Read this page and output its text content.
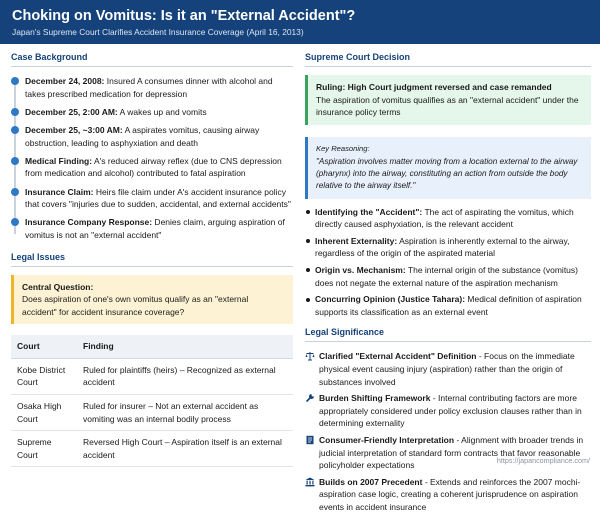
Choking on Vomitus: Is it an "External Accident"?
Japan's Supreme Court Clarifies Accident Insurance Coverage (April 16, 2013)
Case Background
December 24, 2008: Insured A consumes dinner with alcohol and takes prescribed medication for depression
December 25, 2:00 AM: A wakes up and vomits
December 25, ~3:00 AM: A aspirates vomitus, causing airway obstruction, leading to asphyxiation and death
Medical Finding: A's reduced airway reflex (due to CNS depression from medication and alcohol) contributed to fatal aspiration
Insurance Claim: Heirs file claim under A's accident insurance policy that covers "injuries due to sudden, accidental, and external accidents"
Insurance Company Response: Denies claim, arguing aspiration of vomitus is not an "external accident"
Legal Issues
Central Question:
Does aspiration of one's own vomitus qualify as an "external accident" for accident insurance coverage?
Court	Finding
Kobe District Court	Ruled for plaintiffs (heirs) – Recognized as external accident
Osaka High Court	Ruled for insurer – Not an external accident as vomiting was an internal bodily process
Supreme Court	Reversed High Court – Aspiration itself is an external accident
Supreme Court Decision
Ruling: High Court judgment reversed and case remanded
The aspiration of vomitus qualifies as an "external accident" under the insurance policy terms
Key Reasoning:
"Aspiration involves matter moving from a location external to the airway (pharynx) into the airway, constituting an action from outside the body relative to the airway itself."
Identifying the "Accident": The act of aspirating the vomitus, which directly caused asphyxiation, is the relevant accident
Inherent Externality: Aspiration is inherently external to the airway, regardless of the origin of the aspirated material
Origin vs. Mechanism: The internal origin of the substance (vomitus) does not negate the external nature of the aspiration mechanism
Concurring Opinion (Justice Tahara): Medical definition of aspiration supports its classification as an external event
Legal Significance
Clarified "External Accident" Definition - Focus on the immediate physical event causing injury (aspiration) rather than the origin of substances involved
Burden Shifting Framework - Internal contributing factors are more appropriately considered under policy exclusion clauses rather than in determining externality
Consumer-Friendly Interpretation - Alignment with broader trends in judicial interpretation of standard form contracts that favor reasonable policyholder expectations
Builds on 2007 Precedent - Extends and reinforces the 2007 mochi-aspiration case logic, creating a coherent jurisprudence on aspiration events in accident insurance
https://japancompliance.com/
